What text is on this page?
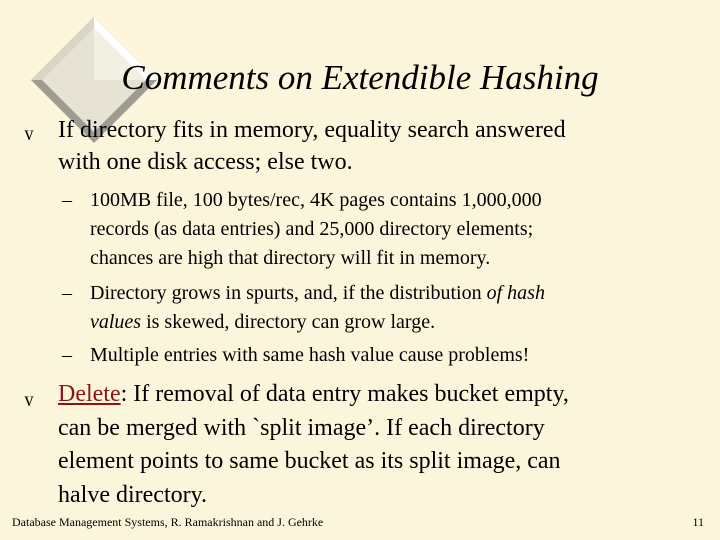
Comments on Extendible Hashing
v If directory fits in memory, equality search answered
with one disk access; else two.
– 100MB file, 100 bytes/rec, 4K pages contains 1,000,000
records (as data entries) and 25,000 directory elements;
chances are high that directory will fit in memory.
– Directory grows in spurts, and, if the distribution of hash
values is skewed, directory can grow large.
– Multiple entries with same hash value cause problems!
v Delete: If removal of data entry makes bucket empty,
can be merged with `split image’. If each directory
element points to same bucket as its split image, can
halve directory.
Database Management Systems, R. Ramakrishnan and J. Gehrke	11
